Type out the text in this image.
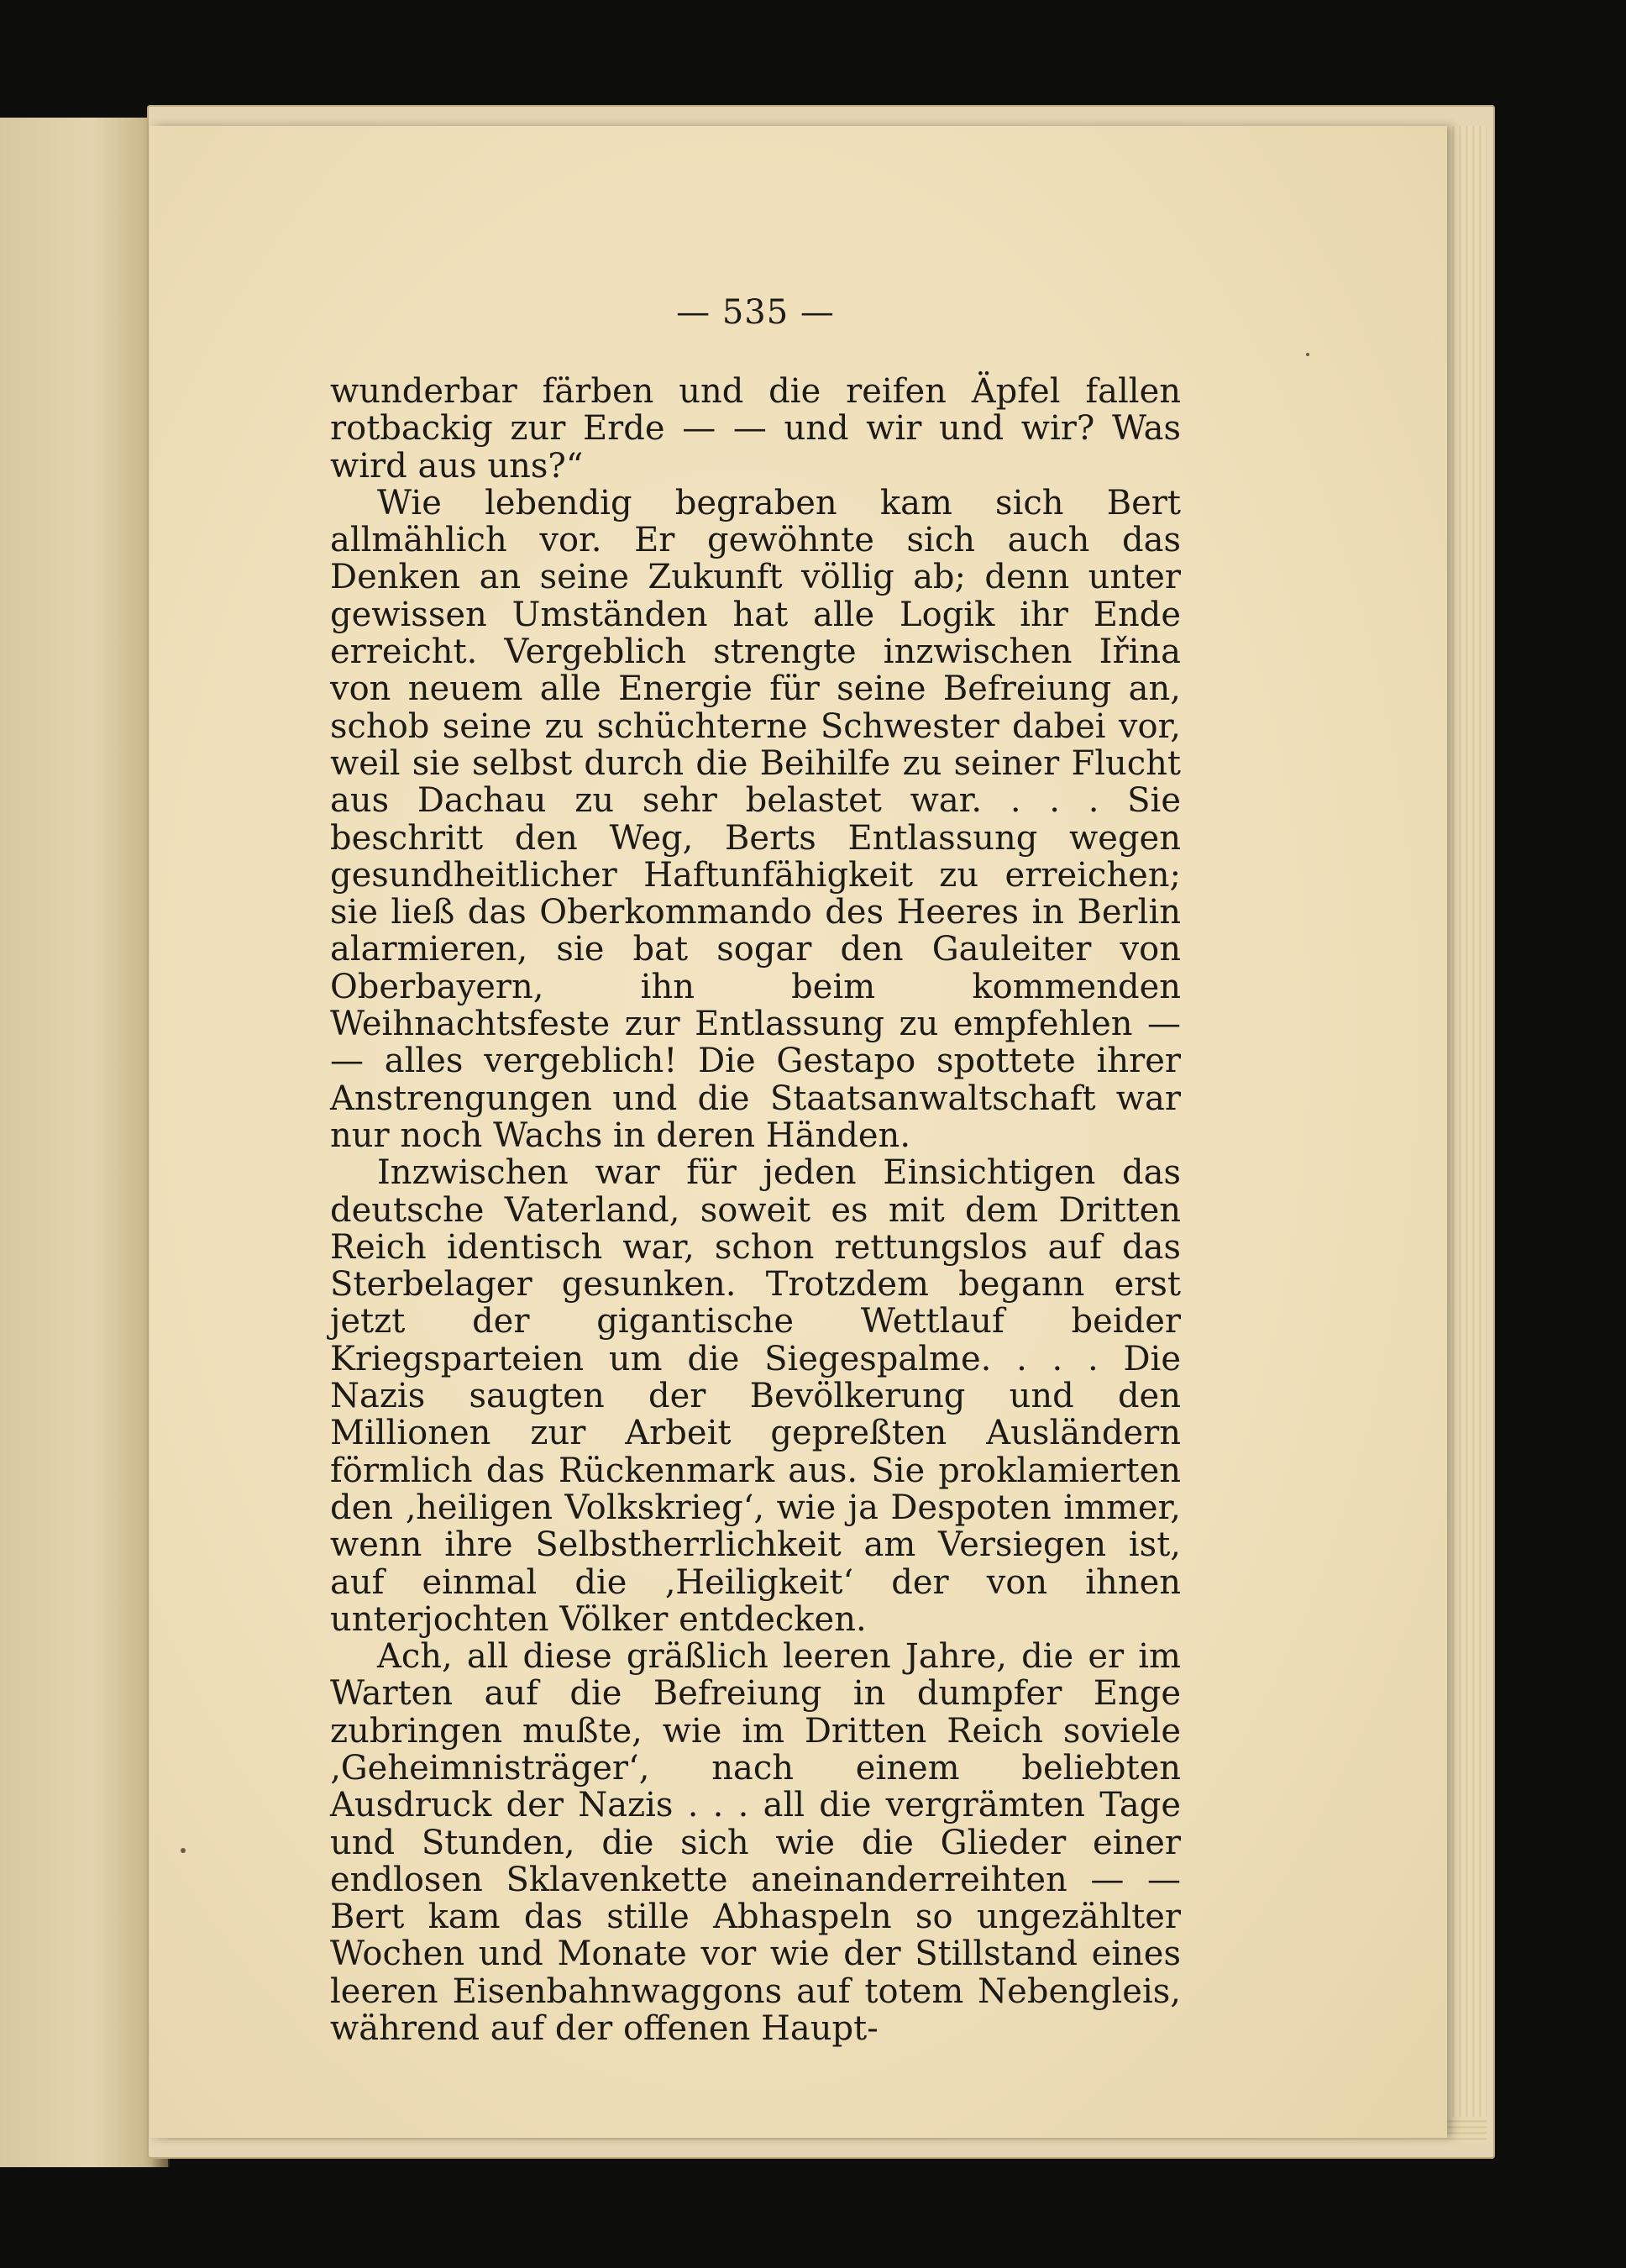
— 535 —

wunderbar färben und die reifen Äpfel fallen rotbackig zur Erde — — und wir und wir? Was wird aus uns?“

Wie lebendig begraben kam sich Bert allmählich vor. Er gewöhnte sich auch das Denken an seine Zukunft völlig ab; denn unter gewissen Umständen hat alle Logik ihr Ende erreicht. Vergeblich strengte inzwischen Iřina von neuem alle Energie für seine Befreiung an, schob seine zu schüchterne Schwester dabei vor, weil sie selbst durch die Beihilfe zu seiner Flucht aus Dachau zu sehr belastet war. . . . Sie beschritt den Weg, Berts Entlassung wegen gesundheitlicher Haftunfähigkeit zu erreichen; sie ließ das Oberkommando des Heeres in Berlin alarmieren, sie bat sogar den Gauleiter von Oberbayern, ihn beim kommenden Weihnachtsfeste zur Entlassung zu empfehlen — — alles vergeblich! Die Gestapo spottete ihrer Anstrengungen und die Staatsanwaltschaft war nur noch Wachs in deren Händen.

Inzwischen war für jeden Einsichtigen das deutsche Vaterland, soweit es mit dem Dritten Reich identisch war, schon rettungslos auf das Sterbelager gesunken. Trotzdem begann erst jetzt der gigantische Wettlauf beider Kriegsparteien um die Siegespalme. . . . Die Nazis saugten der Bevölkerung und den Millionen zur Arbeit gepreßten Ausländern förmlich das Rückenmark aus. Sie proklamierten den ‚heiligen Volkskrieg‘, wie ja Despoten immer, wenn ihre Selbstherrlichkeit am Versiegen ist, auf einmal die ‚Heiligkeit‘ der von ihnen unterjochten Völker entdecken.

Ach, all diese gräßlich leeren Jahre, die er im Warten auf die Befreiung in dumpfer Enge zubringen mußte, wie im Dritten Reich soviele ‚Geheimnisträger‘, nach einem beliebten Ausdruck der Nazis . . . all die vergrämten Tage und Stunden, die sich wie die Glieder einer endlosen Sklavenkette aneinanderreihten — — Bert kam das stille Abhaspeln so ungezählter Wochen und Monate vor wie der Stillstand eines leeren Eisenbahnwaggons auf totem Nebengleis, während auf der offenen Haupt-
